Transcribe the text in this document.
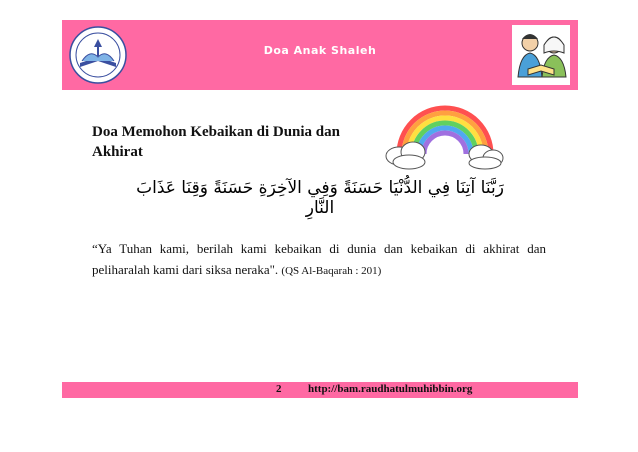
Doa Anak Shaleh
Doa Memohon Kebaikan di Dunia dan Akhirat
رَبَّنَا آتِنَا فِي الدُّنْيَا حَسَنَةً وَفِي الآخِرَةِ حَسَنَةً وَقِنَا عَذَابَ النَّارِ
“Ya Tuhan kami, berilah kami kebaikan di dunia dan kebaikan di akhirat dan peliharalah kami dari siksa neraka". (QS Al-Baqarah : 201)
2 http://bam.raudhatulmuhibbin.org
